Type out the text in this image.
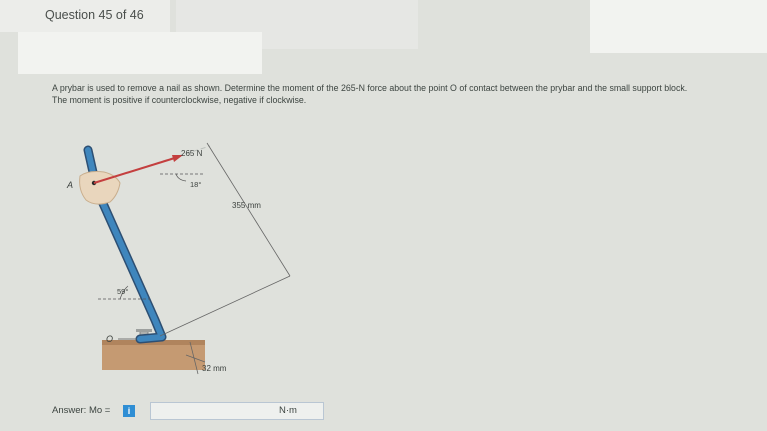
Question 45 of 46
A prybar is used to remove a nail as shown. Determine the moment of the 265-N force about the point O of contact between the prybar and the small support block. The moment is positive if counterclockwise, negative if clockwise.
A
265 N
18°
355 mm
32 mm
59°
O
Answer: Mo =	i	N·m
